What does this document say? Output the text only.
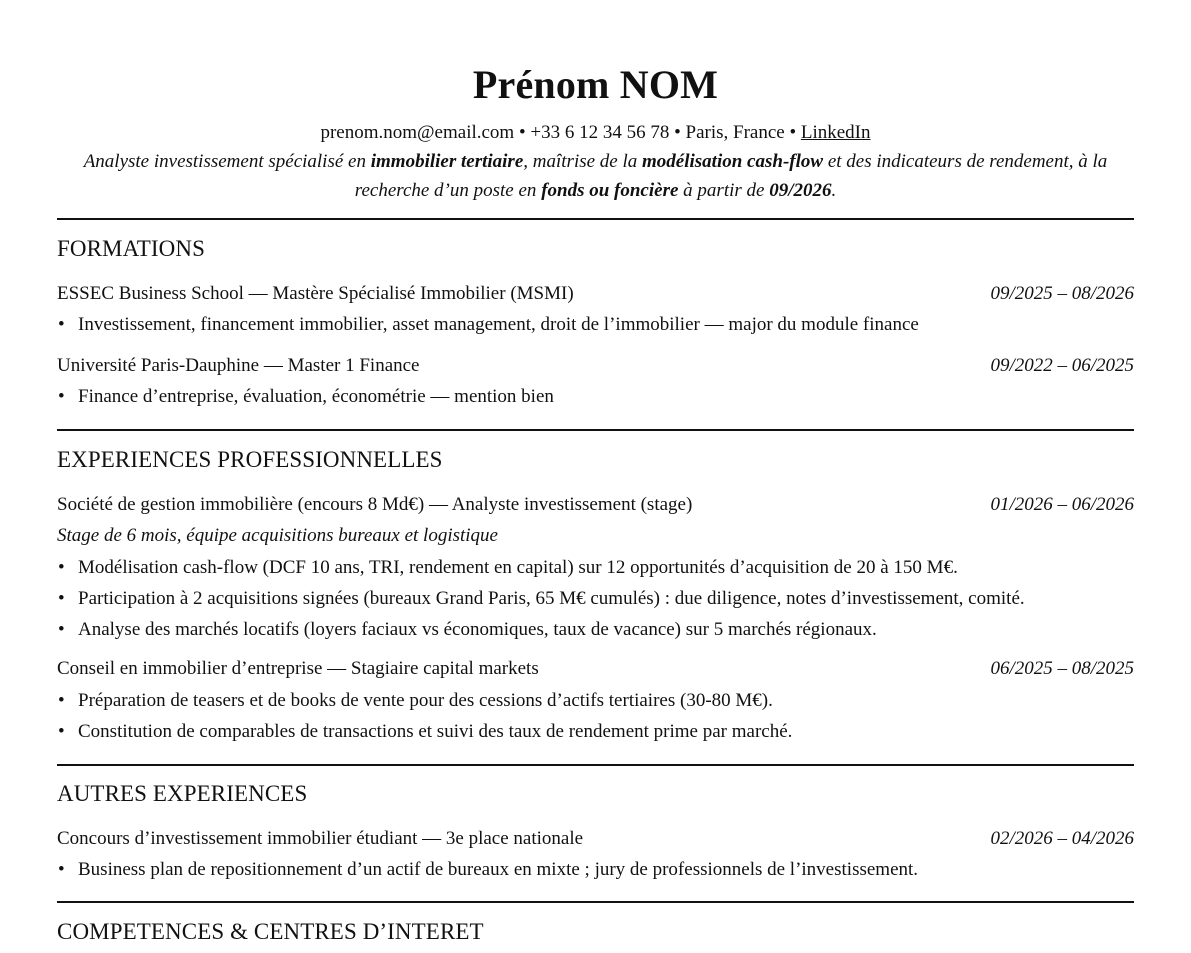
Prénom NOM
prenom.nom@email.com • +33 6 12 34 56 78 • Paris, France • LinkedIn
Analyste investissement spécialisé en immobilier tertiaire, maîtrise de la modélisation cash-flow et des indicateurs de rendement, à la recherche d’un poste en fonds ou foncière à partir de 09/2026.
FORMATIONS
ESSEC Business School — Mastère Spécialisé Immobilier (MSMI)	09/2025 – 08/2026
• Investissement, financement immobilier, asset management, droit de l’immobilier — major du module finance
Université Paris-Dauphine — Master 1 Finance	09/2022 – 06/2025
• Finance d’entreprise, évaluation, économétrie — mention bien
EXPERIENCES PROFESSIONNELLES
Société de gestion immobilière (encours 8 Md€) — Analyste investissement (stage)	01/2026 – 06/2026
Stage de 6 mois, équipe acquisitions bureaux et logistique
• Modélisation cash-flow (DCF 10 ans, TRI, rendement en capital) sur 12 opportunités d’acquisition de 20 à 150 M€.
• Participation à 2 acquisitions signées (bureaux Grand Paris, 65 M€ cumulés) : due diligence, notes d’investissement, comité.
• Analyse des marchés locatifs (loyers faciaux vs économiques, taux de vacance) sur 5 marchés régionaux.
Conseil en immobilier d’entreprise — Stagiaire capital markets	06/2025 – 08/2025
• Préparation de teasers et de books de vente pour des cessions d’actifs tertiaires (30-80 M€).
• Constitution de comparables de transactions et suivi des taux de rendement prime par marché.
AUTRES EXPERIENCES
Concours d’investissement immobilier étudiant — 3e place nationale	02/2026 – 04/2026
• Business plan de repositionnement d’un actif de bureaux en mixte ; jury de professionnels de l’investissement.
COMPETENCES & CENTRES D’INTERET
